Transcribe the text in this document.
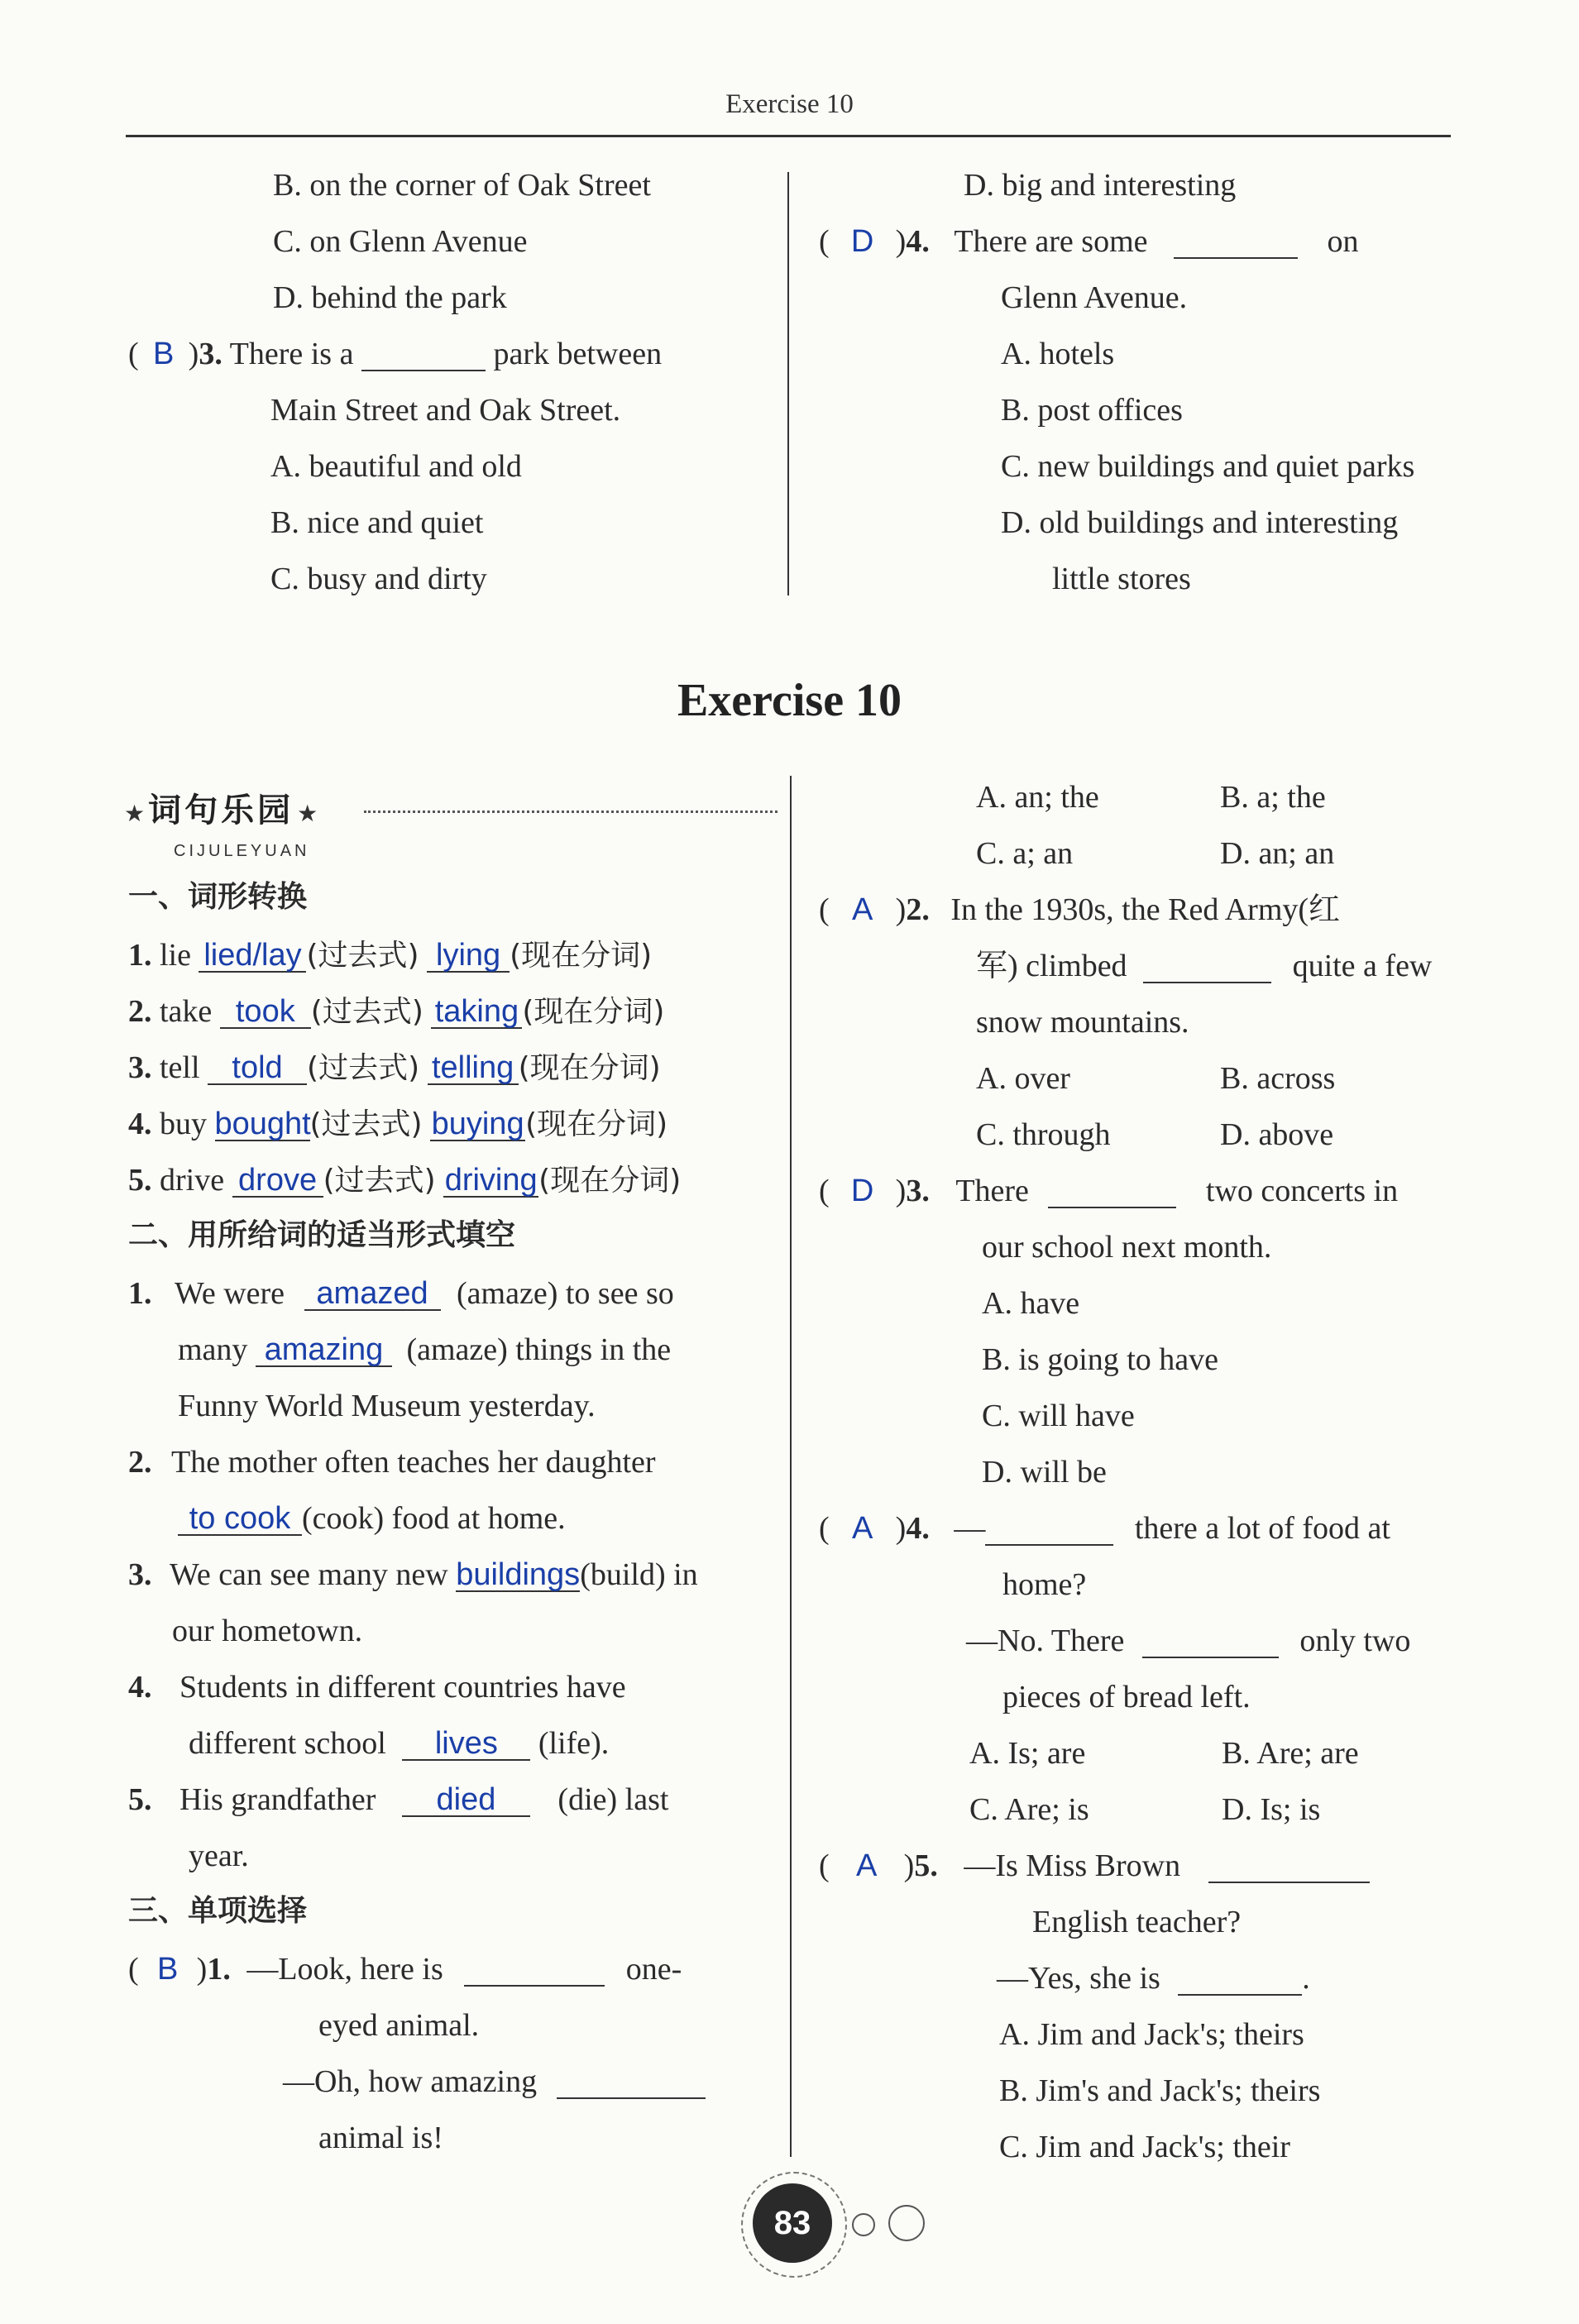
Exercise 10
B. on the corner of Oak Street
C. on Glenn Avenue
D. behind the park
( B )3. There is a	park between
Main Street and Oak Street.
A. beautiful and old
B. nice and quiet
C. busy and dirty
D. big and interesting
( D )4. There are some	on
Glenn Avenue.
A. hotels
B. post offices
C. new buildings and quiet parks
D. old buildings and interesting
little stores
Exercise 10
★ 词句乐园 ★
CIJULEYUAN
一、词形转换
1. lie lied/lay (过去式) lying (现在分词)
2. take took (过去式) taking (现在分词)
3. tell told (过去式) telling (现在分词)
4. buy bought(过去式) buying(现在分词)
5. drive drove (过去式) driving(现在分词)
二、用所给词的适当形式填空
1. We were amazed (amaze) to see so
many amazing (amaze) things in the
Funny World Museum yesterday.
2. The mother often teaches her daughter
to cook (cook) food at home.
3. We can see many new buildings(build) in
our hometown.
4. Students in different countries have
different school lives (life).
5. His grandfather died (die) last
year.
三、单项选择
( B )1. —Look, here is	one-
eyed animal.
—Oh, how amazing
animal is!
A. an; the	B. a; the
C. a; an	D. an; an
( A )2. In the 1930s, the Red Army(红
军) climbed	quite a few
snow mountains.
A. over	B. across
C. through	D. above
( D )3. There	two concerts in
our school next month.
A. have
B. is going to have
C. will have
D. will be
( A )4. —	there a lot of food at
home?
—No. There	only two
pieces of bread left.
A. Is; are	B. Are; are
C. Are; is	D. Is; is
( A )5. —Is Miss Brown
English teacher?
—Yes, she is	.
A. Jim and Jack's; theirs
B. Jim's and Jack's; theirs
C. Jim and Jack's; their
83
